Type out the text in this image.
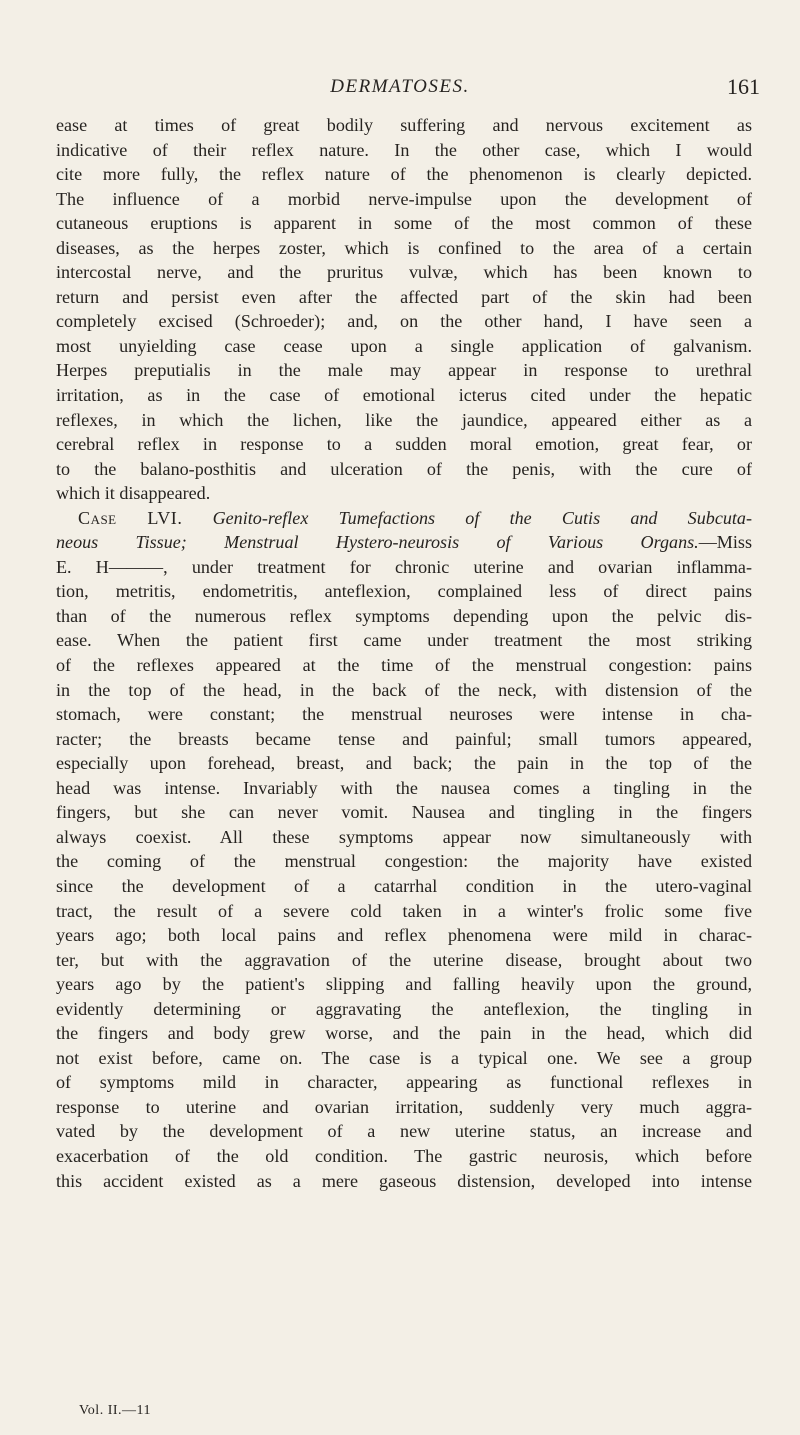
DERMATOSES.	161
ease at times of great bodily suffering and nervous excitement as
indicative of their reflex nature. In the other case, which I would
cite more fully, the reflex nature of the phenomenon is clearly depicted.
The influence of a morbid nerve-impulse upon the development of
cutaneous eruptions is apparent in some of the most common of these
diseases, as the herpes zoster, which is confined to the area of a certain
intercostal nerve, and the pruritus vulvæ, which has been known to
return and persist even after the affected part of the skin had been
completely excised (Schroeder); and, on the other hand, I have seen a
most unyielding case cease upon a single application of galvanism.
Herpes preputialis in the male may appear in response to urethral
irritation, as in the case of emotional icterus cited under the hepatic
reflexes, in which the lichen, like the jaundice, appeared either as a
cerebral reflex in response to a sudden moral emotion, great fear, or
to the balano-posthitis and ulceration of the penis, with the cure of
which it disappeared.
Case LVI. Genito-reflex Tumefactions of the Cutis and Subcuta-
neous Tissue; Menstrual Hystero-neurosis of Various Organs.—Miss
E. H———, under treatment for chronic uterine and ovarian inflamma-
tion, metritis, endometritis, anteflexion, complained less of direct pains
than of the numerous reflex symptoms depending upon the pelvic dis-
ease. When the patient first came under treatment the most striking
of the reflexes appeared at the time of the menstrual congestion: pains
in the top of the head, in the back of the neck, with distension of the
stomach, were constant; the menstrual neuroses were intense in cha-
racter; the breasts became tense and painful; small tumors appeared,
especially upon forehead, breast, and back; the pain in the top of the
head was intense. Invariably with the nausea comes a tingling in the
fingers, but she can never vomit. Nausea and tingling in the fingers
always coexist. All these symptoms appear now simultaneously with
the coming of the menstrual congestion: the majority have existed
since the development of a catarrhal condition in the utero-vaginal
tract, the result of a severe cold taken in a winter's frolic some five
years ago; both local pains and reflex phenomena were mild in charac-
ter, but with the aggravation of the uterine disease, brought about two
years ago by the patient's slipping and falling heavily upon the ground,
evidently determining or aggravating the anteflexion, the tingling in
the fingers and body grew worse, and the pain in the head, which did
not exist before, came on. The case is a typical one. We see a group
of symptoms mild in character, appearing as functional reflexes in
response to uterine and ovarian irritation, suddenly very much aggra-
vated by the development of a new uterine status, an increase and
exacerbation of the old condition. The gastric neurosis, which before
this accident existed as a mere gaseous distension, developed into intense
Vol. II.—11
